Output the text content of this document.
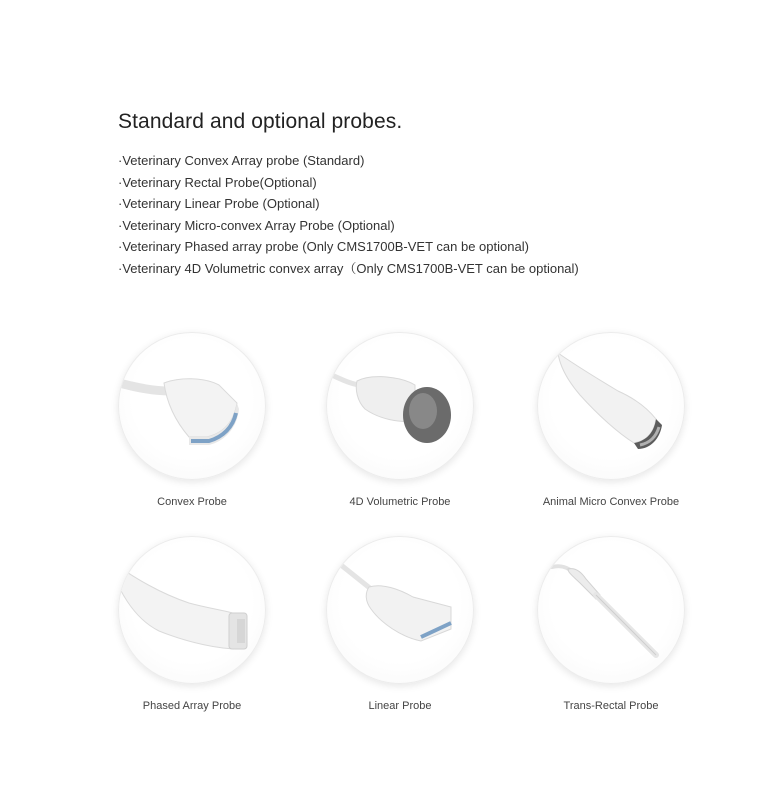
Standard and optional probes.
·Veterinary Convex Array probe (Standard)
·Veterinary Rectal Probe(Optional)
·Veterinary Linear Probe (Optional)
·Veterinary Micro-convex Array Probe (Optional)
·Veterinary Phased array probe (Only CMS1700B-VET can be optional)
·Veterinary 4D Volumetric convex array（Only CMS1700B-VET can be optional)
Convex Probe	4D Volumetric Probe	Animal Micro Convex Probe
Phased Array Probe	Linear Probe	Trans-Rectal Probe
